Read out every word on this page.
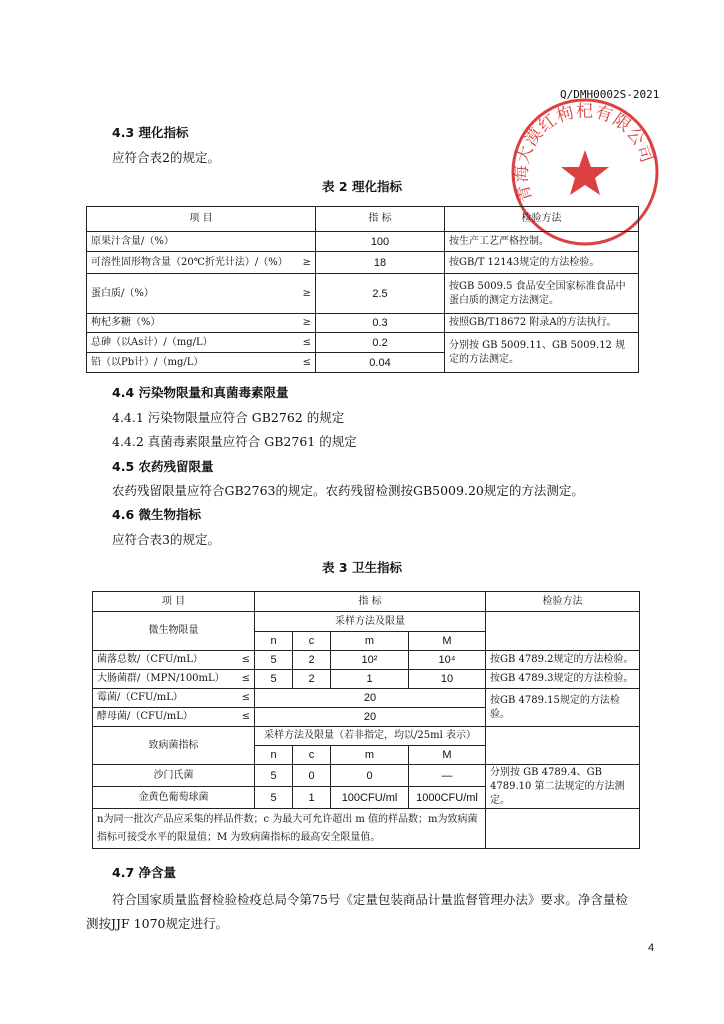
Q/DMH0002S-2021
青海大漠红枸杞有限公司
4.3 理化指标
应符合表2的规定。
表 2 理化指标
项 目	指 标	检验方法

原果汁含量/（%）	100	按生产工艺严格控制。

可溶性固形物含量（20℃折光计法）/（%） ≥	18	按GB/T 12143规定的方法检验。

蛋白质/（%） ≥	2.5	按GB 5009.5 食品安全国家标准食品中蛋白质的测定方法测定。

枸杞多糖（%） ≥	0.3	按照GB/T18672 附录A的方法执行。

总砷（以As计）/（mg/L） ≤	0.2	分别按 GB 5009.11、GB 5009.12 规定的方法测定。

铅（以Pb计）/（mg/L） ≤	0.04	
4.4 污染物限量和真菌毒素限量
4.4.1 污染物限量应符合 GB2762 的规定
4.4.2 真菌毒素限量应符合 GB2761 的规定
4.5 农药残留限量
农药残留限量应符合GB2763的规定。农药残留检测按GB5009.20规定的方法测定。
4.6 微生物指标
应符合表3的规定。
表 3 卫生指标
项 目	指 标				检验方法
微生物限量	采样方法及限量				
	n	c	m	M	

菌落总数/（CFU/mL） ≤	5	2	10²	10⁴	按GB 4789.2规定的方法检验。

大肠菌群/（MPN/100mL） ≤	5	2	1	10	按GB 4789.3规定的方法检验。

霉菌/（CFU/mL） ≤	20				按GB 4789.15规定的方法检验。

酵母菌/（CFU/mL） ≤	20				
致病菌指标	采样方法及限量（若非指定，均以/25ml 表示）				
	n	c	m	M	
沙门氏菌	5	0	0	—	分别按 GB 4789.4、GB 4789.10 第二法规定的方法测定。
金黄色葡萄球菌	5	1	100CFU/ml	1000CFU/ml	
n为同一批次产品应采集的样品件数；c 为最大可允许超出 m 值的样品数；m为致病菌指标可接受水平的限量值；M 为致病菌指标的最高安全限量值。					
4.7 净含量
符合国家质量监督检验检疫总局令第75号《定量包装商品计量监督管理办法》要求。净含量检测按JJF 1070规定进行。
4
